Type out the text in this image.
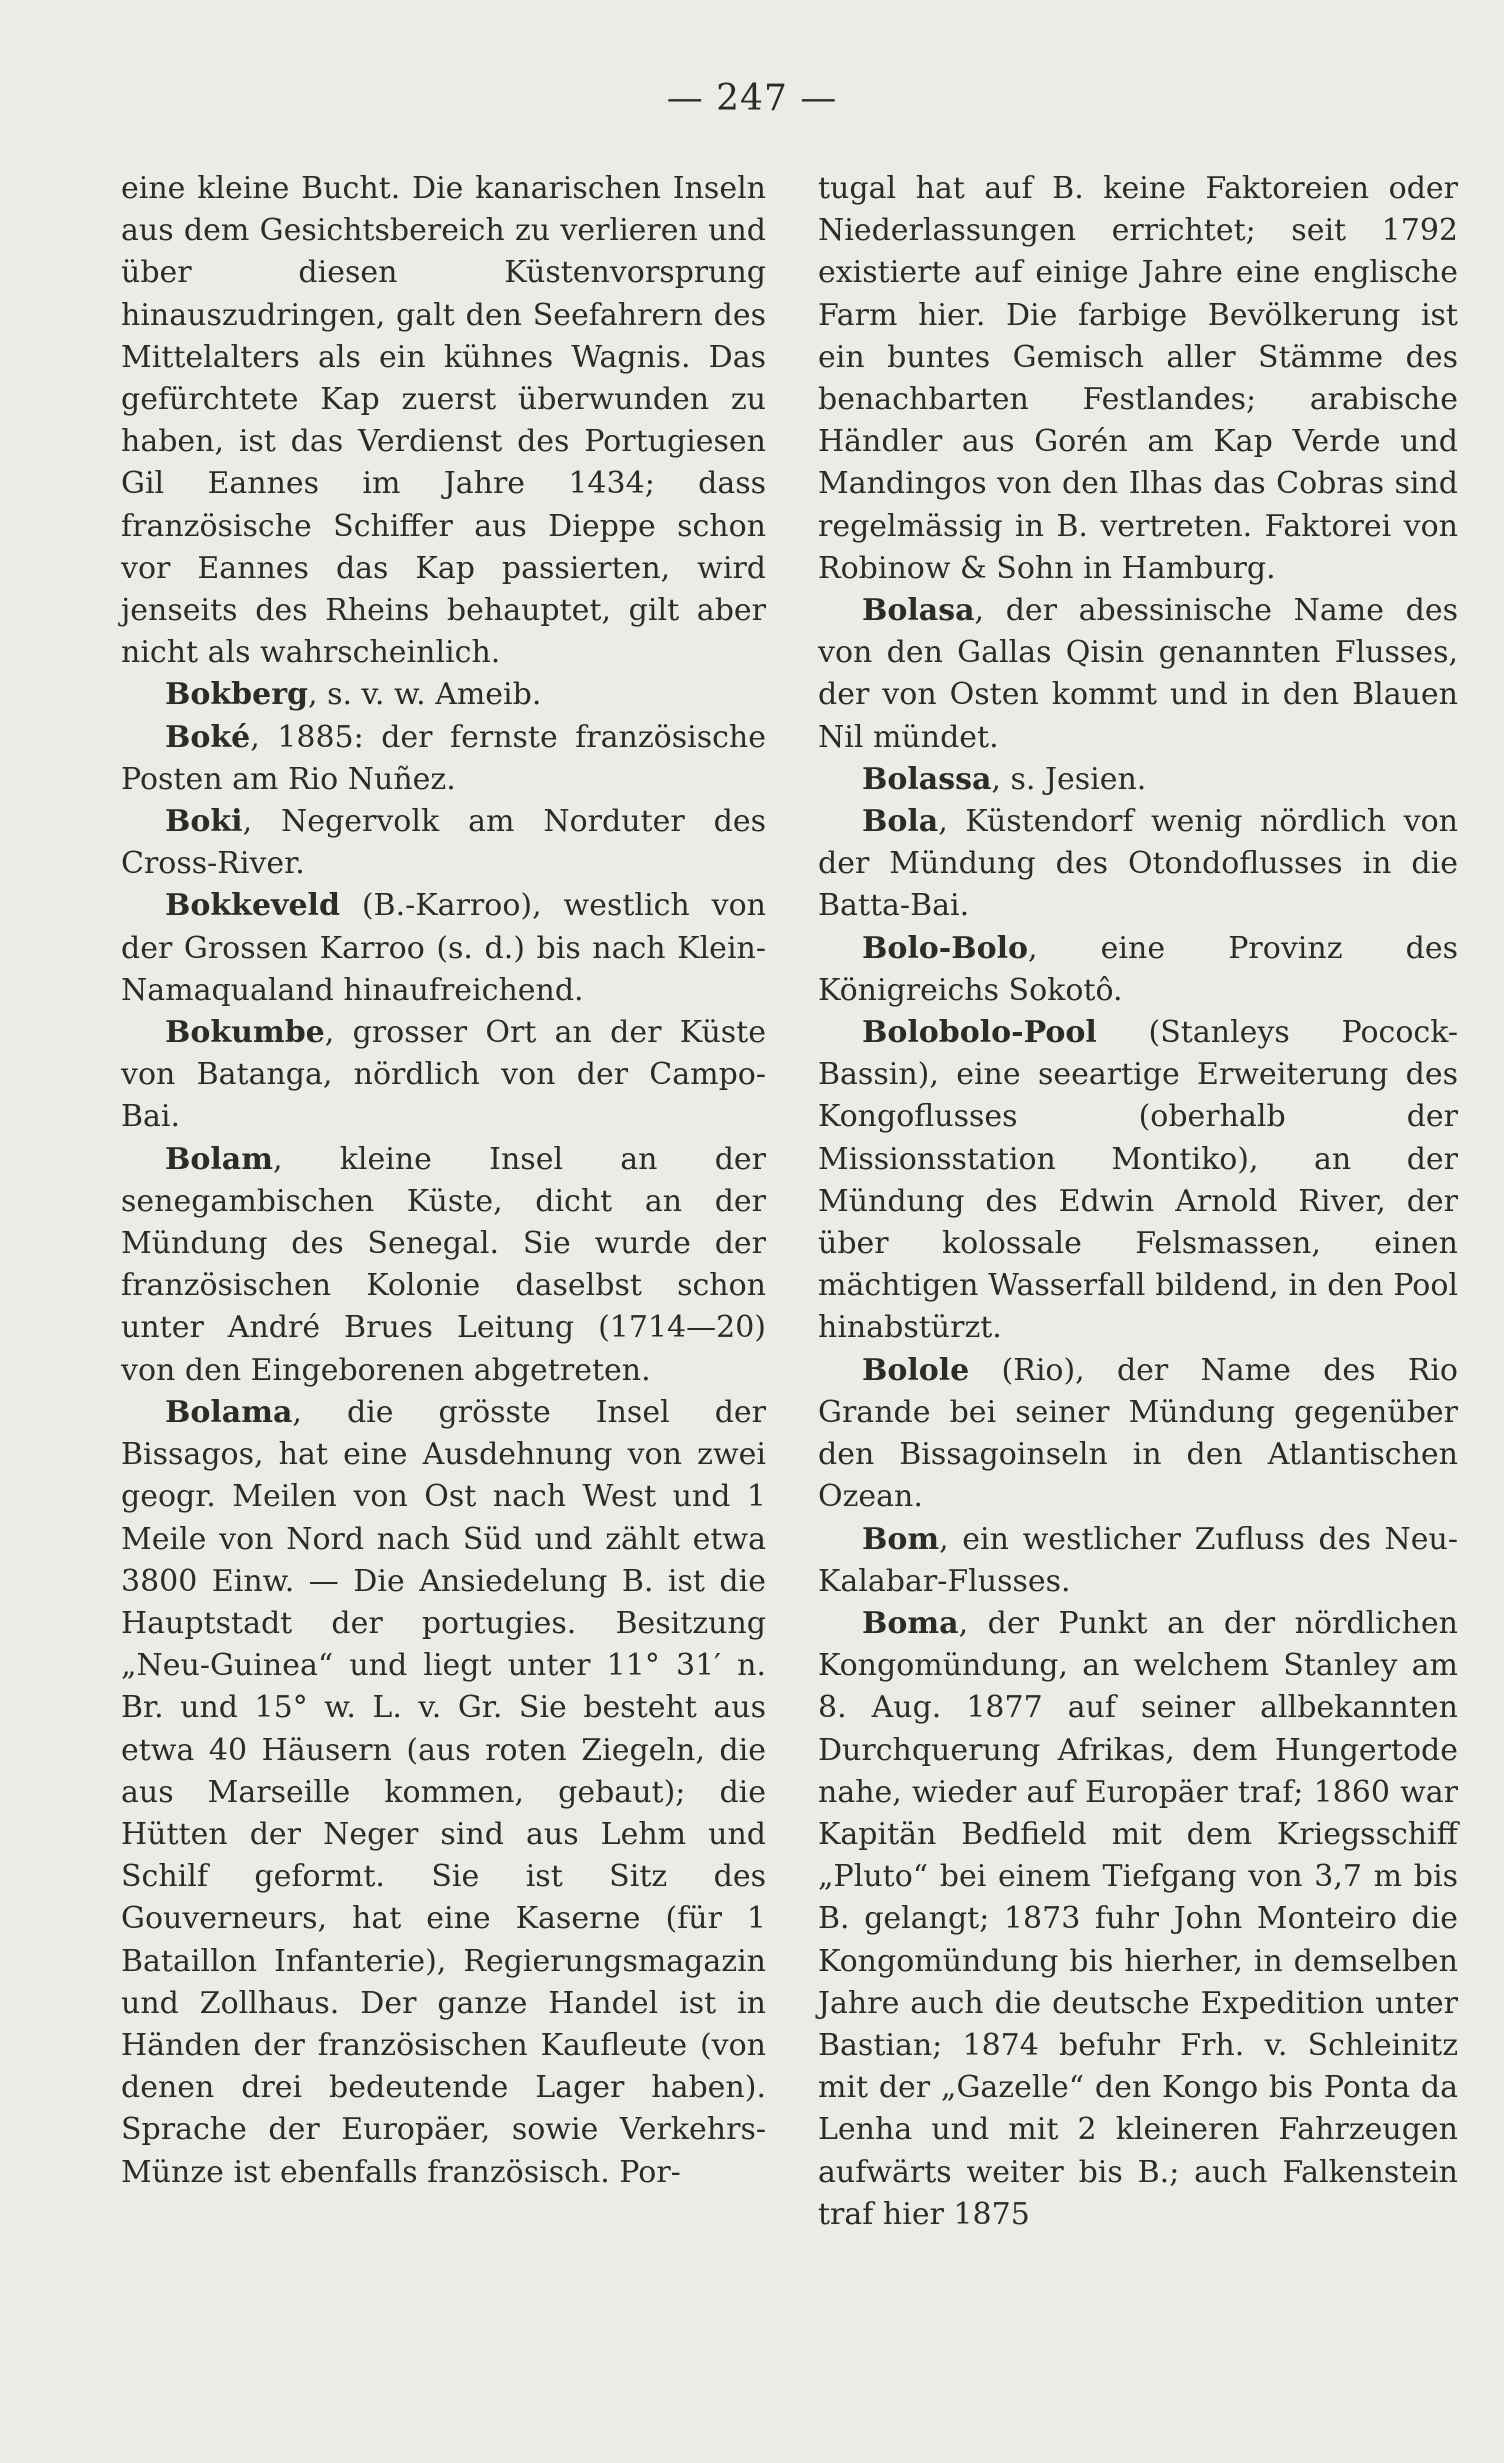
— 247 —

eine kleine Bucht. Die kanarischen Inseln aus dem Gesichtsbereich zu verlieren und über diesen Küstenvorsprung hinauszudringen, galt den Seefahrern des Mittelalters als ein kühnes Wagnis. Das gefürchtete Kap zuerst überwunden zu haben, ist das Verdienst des Portugiesen Gil Eannes im Jahre 1434; dass französische Schiffer aus Dieppe schon vor Eannes das Kap passierten, wird jenseits des Rheins behauptet, gilt aber nicht als wahrscheinlich.

Bokberg, s. v. w. Ameib.

Boké, 1885: der fernste französische Posten am Rio Nuñez.

Boki, Negervolk am Norduter des Cross-River.

Bokkeveld (B.-Karroo), westlich von der Grossen Karroo (s. d.) bis nach Klein-Namaqualand hinaufreichend.

Bokumbe, grosser Ort an der Küste von Batanga, nördlich von der Campo-Bai.

Bolam, kleine Insel an der senegambischen Küste, dicht an der Mündung des Senegal. Sie wurde der französischen Kolonie daselbst schon unter André Brues Leitung (1714—20) von den Eingeborenen abgetreten.

Bolama, die grösste Insel der Bissagos, hat eine Ausdehnung von zwei geogr. Meilen von Ost nach West und 1 Meile von Nord nach Süd und zählt etwa 3800 Einw. — Die Ansiedelung B. ist die Hauptstadt der portugies. Besitzung „Neu-Guinea“ und liegt unter 11° 31′ n. Br. und 15° w. L. v. Gr. Sie besteht aus etwa 40 Häusern (aus roten Ziegeln, die aus Marseille kommen, gebaut); die Hütten der Neger sind aus Lehm und Schilf geformt. Sie ist Sitz des Gouverneurs, hat eine Kaserne (für 1 Bataillon Infanterie), Regierungsmagazin und Zollhaus. Der ganze Handel ist in Händen der französischen Kaufleute (von denen drei bedeutende Lager haben). Sprache der Europäer, sowie Verkehrs-Münze ist ebenfalls französisch. Por-

tugal hat auf B. keine Faktoreien oder Niederlassungen errichtet; seit 1792 existierte auf einige Jahre eine englische Farm hier. Die farbige Bevölkerung ist ein buntes Gemisch aller Stämme des benachbarten Festlandes; arabische Händler aus Gorén am Kap Verde und Mandingos von den Ilhas das Cobras sind regelmässig in B. vertreten. Faktorei von Robinow & Sohn in Hamburg.

Bolasa, der abessinische Name des von den Gallas Qisin genannten Flusses, der von Osten kommt und in den Blauen Nil mündet.

Bolassa, s. Jesien.

Bola, Küstendorf wenig nördlich von der Mündung des Otondoflusses in die Batta-Bai.

Bolo-Bolo, eine Provinz des Königreichs Sokotô.

Bolobolo-Pool (Stanleys Pocock-Bassin), eine seeartige Erweiterung des Kongoflusses (oberhalb der Missionsstation Montiko), an der Mündung des Edwin Arnold River, der über kolossale Felsmassen, einen mächtigen Wasserfall bildend, in den Pool hinabstürzt.

Bolole (Rio), der Name des Rio Grande bei seiner Mündung gegenüber den Bissagoinseln in den Atlantischen Ozean.

Bom, ein westlicher Zufluss des Neu-Kalabar-Flusses.

Boma, der Punkt an der nördlichen Kongomündung, an welchem Stanley am 8. Aug. 1877 auf seiner allbekannten Durchquerung Afrikas, dem Hungertode nahe, wieder auf Europäer traf; 1860 war Kapitän Bedfield mit dem Kriegsschiff „Pluto“ bei einem Tiefgang von 3,7 m bis B. gelangt; 1873 fuhr John Monteiro die Kongomündung bis hierher, in demselben Jahre auch die deutsche Expedition unter Bastian; 1874 befuhr Frh. v. Schleinitz mit der „Gazelle“ den Kongo bis Ponta da Lenha und mit 2 kleineren Fahrzeugen aufwärts weiter bis B.; auch Falkenstein traf hier 1875
